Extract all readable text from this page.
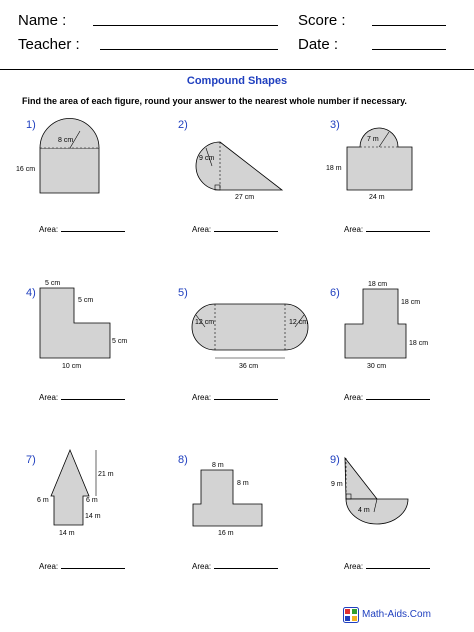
Name :	Score :
Teacher :	Date :
Compound Shapes
Find the area of each figure, round your answer to the nearest whole number if necessary.
1)	2)	3)
4)	5)	6)
7)	8)	9)
8 cm
16 cm
9 cm
27 cm
7 m
18 m
24 m
5 cm
5 cm
5 cm
10 cm
12 cm	12 cm
36 cm
18 cm
18 cm
18 cm
30 cm
21 m
6 m	6 m
14 m
14 m
8 m
8 m
16 m
9 m
4 m
Area:	Area:	Area:
Area:	Area:	Area:
Area:	Area:	Area:
Math-Aids.Com
